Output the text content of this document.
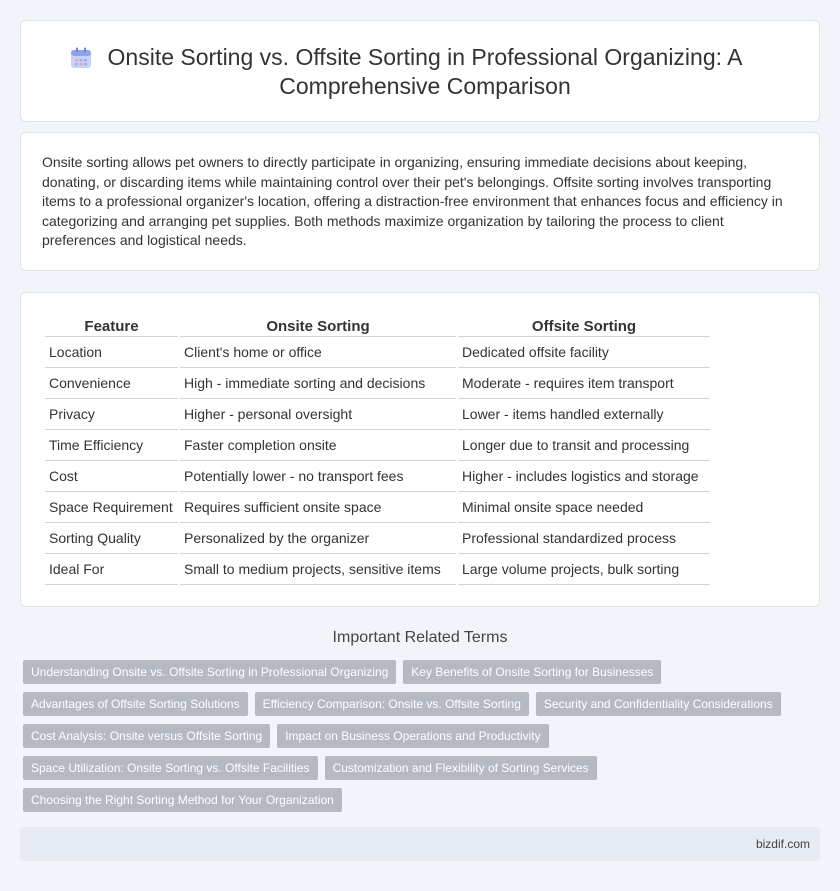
Onsite Sorting vs. Offsite Sorting in Professional Organizing: A Comprehensive Comparison

Onsite sorting allows pet owners to directly participate in organizing, ensuring immediate decisions about keeping, donating, or discarding items while maintaining control over their pet's belongings. Offsite sorting involves transporting items to a professional organizer's location, offering a distraction-free environment that enhances focus and efficiency in categorizing and arranging pet supplies. Both methods maximize organization by tailoring the process to client preferences and logistical needs.

Feature	Onsite Sorting	Offsite Sorting
Location	Client's home or office	Dedicated offsite facility
Convenience	High - immediate sorting and decisions	Moderate - requires item transport
Privacy	Higher - personal oversight	Lower - items handled externally
Time Efficiency	Faster completion onsite	Longer due to transit and processing
Cost	Potentially lower - no transport fees	Higher - includes logistics and storage
Space Requirement	Requires sufficient onsite space	Minimal onsite space needed
Sorting Quality	Personalized by the organizer	Professional standardized process
Ideal For	Small to medium projects, sensitive items	Large volume projects, bulk sorting
Important Related Terms
Understanding Onsite vs. Offsite Sorting in Professional Organizing	Key Benefits of Onsite Sorting for Businesses
Advantages of Offsite Sorting Solutions	Efficiency Comparison: Onsite vs. Offsite Sorting	Security and Confidentiality Considerations
Cost Analysis: Onsite versus Offsite Sorting	Impact on Business Operations and Productivity
Space Utilization: Onsite Sorting vs. Offsite Facilities	Customization and Flexibility of Sorting Services
Choosing the Right Sorting Method for Your Organization
bizdif.com
